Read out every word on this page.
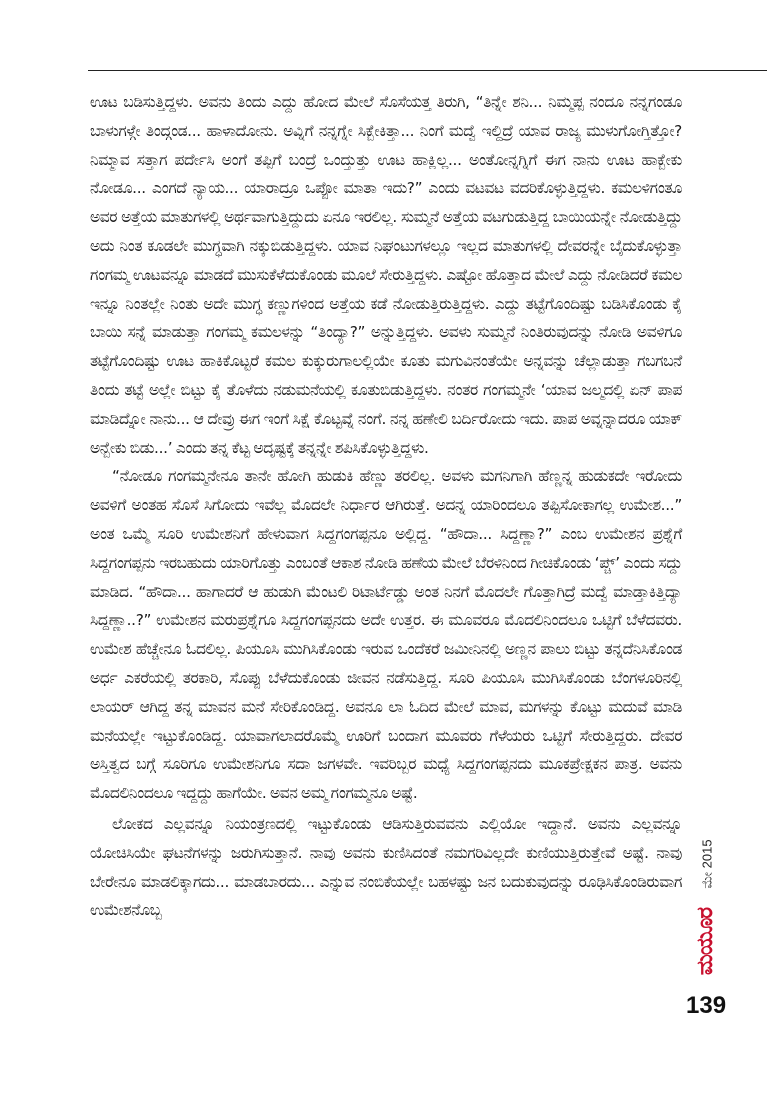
ಊಟ ಬಡಿಸುತ್ತಿದ್ದಳು. ಅವನು ತಿಂದು ಎದ್ದು ಹೋದ ಮೇಲೆ ಸೊಸೆಯತ್ತ ತಿರುಗಿ, “ತಿನ್ನೇ ಶನಿ... ನಿಮ್ಮಪ್ಪ ನಂದೂ ನನ್ನಗಂಡೂ ಬಾಳುಗಳ್ಗೇ ತಿಂದ್ಗಂಡ... ಹಾಳಾದೋನು. ಅವ್ನಿಗೆ ನನ್ನಗ್ನೇ ಸಿಕ್ಬೇಕಿತ್ತಾ... ನಿಂಗೆ ಮದ್ವೆ ಇಲ್ದಿದ್ರೆ ಯಾವ ರಾಜ್ಯ ಮುಳುಗೋಗ್ತಿತ್ತೋ? ನಿಮ್ಮಾವ ಸತ್ತಾಗ ಪರ್ದೇಸಿ ಅಂಗೆ ತಪ್ಪಿಗೆ ಬಂದ್ರೆ ಒಂದ್ತುತ್ತು ಊಟ ಹಾಕ್ಲಿಲ್ಲ... ಅಂತೋನ್ನಗ್ನಿಗೆ ಈಗ ನಾನು ಊಟ ಹಾಕ್ಬೇಕು ನೋಡೂ... ಎಂಗದೆ ನ್ಯಾಯ... ಯಾರಾದ್ರೂ ಒಪ್ಪೋ ಮಾತಾ ಇದು?” ಎಂದು ವಟವಟ ವದರಿಕೊಳ್ಳುತ್ತಿದ್ದಳು. ಕಮಲಳಿಗಂತೂ ಅವರ ಅತ್ತೆಯ ಮಾತುಗಳಲ್ಲಿ ಅರ್ಥವಾಗುತ್ತಿದ್ದುದು ಏನೂ ಇರಲಿಲ್ಲ. ಸುಮ್ಮನೆ ಅತ್ತೆಯ ವಟಗುಡುತ್ತಿದ್ದ ಬಾಯಿಯನ್ನೇ ನೋಡುತ್ತಿದ್ದು ಅದು ನಿಂತ ಕೂಡಲೇ ಮುಗ್ಧವಾಗಿ ನಕ್ಕುಬಿಡುತ್ತಿದ್ದಳು. ಯಾವ ನಿಘಂಟುಗಳಲ್ಲೂ ಇಲ್ಲದ ಮಾತುಗಳಲ್ಲಿ ದೇವರನ್ನೇ ಬೈದುಕೊಳ್ಳುತ್ತಾ ಗಂಗಮ್ಮ ಊಟವನ್ನೂ ಮಾಡದೆ ಮುಸುಕೆಳೆದುಕೊಂಡು ಮೂಲೆ ಸೇರುತ್ತಿದ್ದಳು. ಎಷ್ಟೋ ಹೊತ್ತಾದ ಮೇಲೆ ಎದ್ದು ನೋಡಿದರೆ ಕಮಲ ಇನ್ನೂ ನಿಂತಲ್ಲೇ ನಿಂತು ಅದೇ ಮುಗ್ಧ ಕಣ್ಣುಗಳಿಂದ ಅತ್ತೆಯ ಕಡೆ ನೋಡುತ್ತಿರುತ್ತಿದ್ದಳು. ಎದ್ದು ತಟ್ಟೆಗೊಂದಿಷ್ಟು ಬಡಿಸಿಕೊಂಡು ಕೈ ಬಾಯಿ ಸನ್ನೆ ಮಾಡುತ್ತಾ ಗಂಗಮ್ಮ ಕಮಲಳನ್ನು “ತಿಂದ್ಯಾ?” ಅನ್ನುತ್ತಿದ್ದಳು. ಅವಳು ಸುಮ್ಮನೆ ನಿಂತಿರುವುದನ್ನು ನೋಡಿ ಅವಳಿಗೂ ತಟ್ಟೆಗೊಂದಿಷ್ಟು ಊಟ ಹಾಕಿಕೊಟ್ಟರೆ ಕಮಲ ಕುಕ್ಕುರುಗಾಲಲ್ಲಿಯೇ ಕೂತು ಮಗುವಿನಂತೆಯೇ ಅನ್ನವನ್ನು ಚೆಲ್ಲಾಡುತ್ತಾ ಗಬಗಬನೆ ತಿಂದು ತಟ್ಟೆ ಅಲ್ಲೇ ಬಿಟ್ಟು ಕೈ ತೊಳೆದು ನಡುಮನೆಯಲ್ಲಿ ಕೂತುಬಿಡುತ್ತಿದ್ದಳು. ನಂತರ ಗಂಗಮ್ಮನೇ ‘ಯಾವ ಜಲ್ಮದಲ್ಲಿ ಏನ್ ಪಾಪ ಮಾಡಿದ್ನೋ ನಾನು... ಆ ದೇವ್ರು ಈಗ ಇಂಗೆ ಸಿಕ್ಷೆ ಕೊಟ್ಟವ್ನೆ ನಂಗೆ. ನನ್ನ ಹಣೇಲಿ ಬರ್ದಿರೋದು ಇದು. ಪಾಪ ಅವ್ನನ್ನಾದರೂ ಯಾಕ್ ಅನ್ಬೇಕು ಬಿಡು...’ ಎಂದು ತನ್ನ ಕೆಟ್ಟ ಅದೃಷ್ಟಕ್ಕೆ ತನ್ನನ್ನೇ ಶಪಿಸಿಕೊಳ್ಳುತ್ತಿದ್ದಳು.

“ನೋಡೂ ಗಂಗಮ್ಮನೇನೂ ತಾನೇ ಹೋಗಿ ಹುಡುಕಿ ಹೆಣ್ಣು ತರಲಿಲ್ಲ. ಅವಳು ಮಗನಿಗಾಗಿ ಹೆಣ್ಣನ್ನ ಹುಡುಕದೇ ಇರೋದು ಅವಳಿಗೆ ಅಂತಹ ಸೊಸೆ ಸಿಗೋದು ಇವೆಲ್ಲ ಮೊದಲೇ ನಿರ್ಧಾರ ಆಗಿರುತ್ತೆ. ಅದನ್ನ ಯಾರಿಂದಲೂ ತಪ್ಪಿಸೋಕಾಗಲ್ಲ ಉಮೇಶ...” ಅಂತ ಒಮ್ಮೆ ಸೂರಿ ಉಮೇಶನಿಗೆ ಹೇಳುವಾಗ ಸಿದ್ದಗಂಗಪ್ಪನೂ ಅಲ್ಲಿದ್ದ. “ಹೌದಾ... ಸಿದ್ದಣ್ಣಾ?” ಎಂಬ ಉಮೇಶನ ಪ್ರಶ್ನೆಗೆ ಸಿದ್ದಗಂಗಪ್ಪನು ಇರಬಹುದು ಯಾರಿಗೊತ್ತು ಎಂಬಂತೆ ಆಕಾಶ ನೋಡಿ ಹಣೆಯ ಮೇಲೆ ಬೆರಳಿನಿಂದ ಗೀಚಿಕೊಂಡು ‘ಪ್ಚ್’ ಎಂದು ಸದ್ದು ಮಾಡಿದ. “ಹೌದಾ... ಹಾಗಾದರೆ ಆ ಹುಡುಗಿ ಮೆಂಟಲಿ ರಿಟಾರ್ಟೆಡ್ಡು ಅಂತ ನಿನಗೆ ಮೊದಲೇ ಗೊತ್ತಾಗಿದ್ರೆ ಮದ್ವೆ ಮಾಡ್ತಾಕಿತ್ತಿದ್ಯಾ ಸಿದ್ದಣ್ಣಾ..?” ಉಮೇಶನ ಮರುಪ್ರಶ್ನೆಗೂ ಸಿದ್ದಗಂಗಪ್ಪನದು ಅದೇ ಉತ್ತರ. ಈ ಮೂವರೂ ಮೊದಲಿನಿಂದಲೂ ಒಟ್ಟಿಗೆ ಬೆಳೆದವರು. ಉಮೇಶ ಹೆಚ್ಚೇನೂ ಓದಲಿಲ್ಲ. ಪಿಯೂಸಿ ಮುಗಿಸಿಕೊಂಡು ಇರುವ ಒಂದೆಕರೆ ಜಮೀನಿನಲ್ಲಿ ಅಣ್ಣನ ಪಾಲು ಬಿಟ್ಟು ತನ್ನದೆನಿಸಿಕೊಂಡ ಅರ್ಧ ಎಕರೆಯಲ್ಲಿ ತರಕಾರಿ, ಸೊಪ್ಪು ಬೆಳೆದುಕೊಂಡು ಜೀವನ ನಡೆಸುತ್ತಿದ್ದ. ಸೂರಿ ಪಿಯೂಸಿ ಮುಗಿಸಿಕೊಂಡು ಬೆಂಗಳೂರಿನಲ್ಲಿ ಲಾಯರ್ ಆಗಿದ್ದ ತನ್ನ ಮಾವನ ಮನೆ ಸೇರಿಕೊಂಡಿದ್ದ. ಅವನೂ ಲಾ ಓದಿದ ಮೇಲೆ ಮಾವ, ಮಗಳನ್ನು ಕೊಟ್ಟು ಮದುವೆ ಮಾಡಿ ಮನೆಯಲ್ಲೇ ಇಟ್ಟುಕೊಂಡಿದ್ದ. ಯಾವಾಗಲಾದರೊಮ್ಮೆ ಊರಿಗೆ ಬಂದಾಗ ಮೂವರು ಗೆಳೆಯರು ಒಟ್ಟಿಗೆ ಸೇರುತ್ತಿದ್ದರು. ದೇವರ ಅಸ್ತಿತ್ವದ ಬಗ್ಗೆ ಸೂರಿಗೂ ಉಮೇಶನಿಗೂ ಸದಾ ಜಗಳವೇ. ಇವರಿಬ್ಬರ ಮಧ್ಯೆ ಸಿದ್ದಗಂಗಪ್ಪನದು ಮೂಕಪ್ರೇಕ್ಷಕನ ಪಾತ್ರ. ಅವನು ಮೊದಲಿನಿಂದಲೂ ಇದ್ದದ್ದು ಹಾಗೆಯೇ. ಅವನ ಅಮ್ಮ ಗಂಗಮ್ಮನೂ ಅಷ್ಟೆ.

ಲೋಕದ ಎಲ್ಲವನ್ನೂ ನಿಯಂತ್ರಣದಲ್ಲಿ ಇಟ್ಟುಕೊಂಡು ಆಡಿಸುತ್ತಿರುವವನು ಎಲ್ಲಿಯೋ ಇದ್ದಾನೆ. ಅವನು ಎಲ್ಲವನ್ನೂ ಯೋಚಿಸಿಯೇ ಘಟನೆಗಳನ್ನು ಜರುಗಿಸುತ್ತಾನೆ. ನಾವು ಅವನು ಕುಣಿಸಿದಂತೆ ನಮಗರಿವಿಲ್ಲದೇ ಕುಣಿಯುತ್ತಿರುತ್ತೇವೆ ಅಷ್ಟೆ. ನಾವು ಬೇರೇನೂ ಮಾಡಲಿಕ್ಕಾಗದು... ಮಾಡಬಾರದು... ಎನ್ನುವ ನಂಬಿಕೆಯಲ್ಲೇ ಬಹಳಷ್ಟು ಜನ ಬದುಕುವುದನ್ನು ರೂಢಿಸಿಕೊಂಡಿರುವಾಗ ಉಮೇಶನೊಬ್ಬ

ಮೇ 2015
ಮಯೂರ
139
